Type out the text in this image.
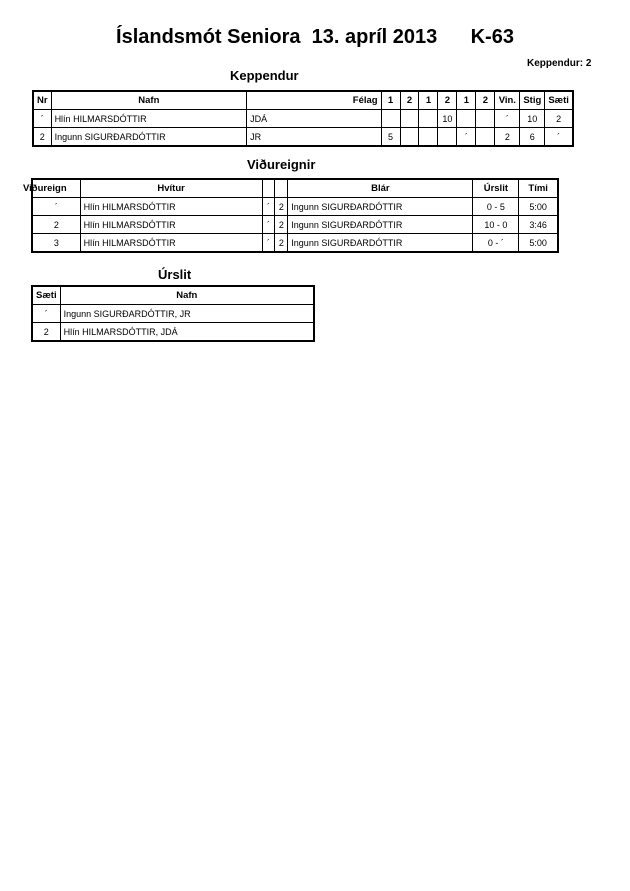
Íslandsmót Seniora  13. apríl 2013      K-63
Keppendur: 2
Keppendur
Nr	Nafn	Félag	1	2	1	2	1	2	Vin.	Stig	Sæti
´	Hlín HILMARSDÓTTIR	JDÁ				10			´	10	2
2	Ingunn SIGURÐARDÓTTIR	JR	5				´		2	6	´
Viðureignir
Viðureign	Hvítur			Blár	Úrslit	Tími
´	Hlín HILMARSDÓTTIR	´	2	Ingunn SIGURÐARDÓTTIR	0 - 5	5:00
2	Hlín HILMARSDÓTTIR	´	2	Ingunn SIGURÐARDÓTTIR	10 - 0	3:46
3	Hlín HILMARSDÓTTIR	´	2	Ingunn SIGURÐARDÓTTIR	0 - ´	5:00
Úrslit
Sæti	Nafn
´	Ingunn SIGURÐARDÓTTIR, JR
2	Hlín HILMARSDÓTTIR, JDÁ
